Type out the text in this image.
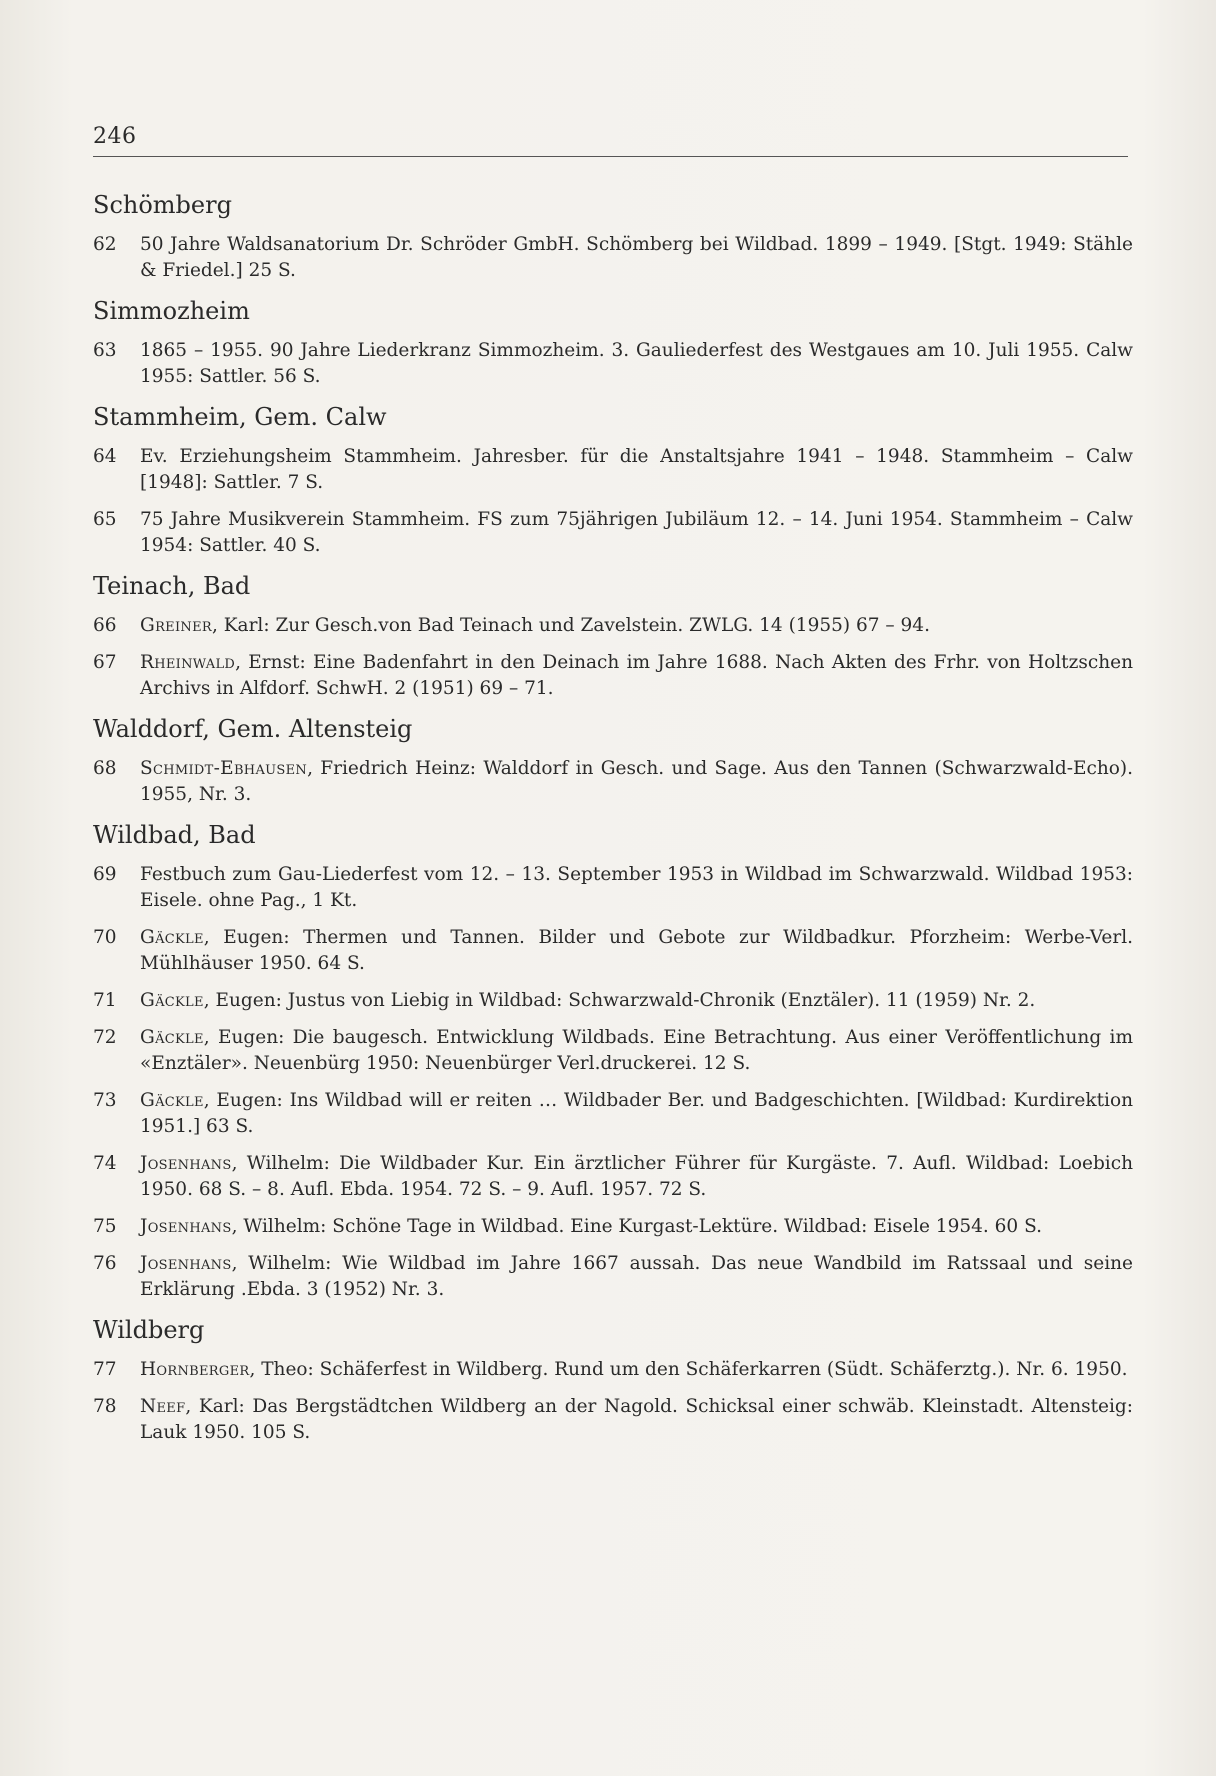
246
Schömberg
62	50 Jahre Waldsanatorium Dr. Schröder GmbH. Schömberg bei Wildbad. 1899 – 1949. [Stgt. 1949: Stähle & Friedel.] 25 S.
Simmozheim
63	1865 – 1955. 90 Jahre Liederkranz Simmozheim. 3. Gauliederfest des Westgaues am 10. Juli 1955. Calw 1955: Sattler. 56 S.
Stammheim, Gem. Calw
64	Ev. Erziehungsheim Stammheim. Jahresber. für die Anstaltsjahre 1941 – 1948. Stammheim – Calw [1948]: Sattler. 7 S.
65	75 Jahre Musikverein Stammheim. FS zum 75jährigen Jubiläum 12. – 14. Juni 1954. Stammheim – Calw 1954: Sattler. 40 S.
Teinach, Bad
66	Greiner, Karl: Zur Gesch.von Bad Teinach und Zavelstein. ZWLG. 14 (1955) 67 – 94.
67	Rheinwald, Ernst: Eine Badenfahrt in den Deinach im Jahre 1688. Nach Akten des Frhr. von Holtzschen Archivs in Alfdorf. SchwH. 2 (1951) 69 – 71.
Walddorf, Gem. Altensteig
68	Schmidt-Ebhausen, Friedrich Heinz: Walddorf in Gesch. und Sage. Aus den Tannen (Schwarzwald-Echo). 1955, Nr. 3.
Wildbad, Bad
69	Festbuch zum Gau-Liederfest vom 12. – 13. September 1953 in Wildbad im Schwarzwald. Wildbad 1953: Eisele. ohne Pag., 1 Kt.
70	Gäckle, Eugen: Thermen und Tannen. Bilder und Gebote zur Wildbadkur. Pforzheim: Werbe-Verl. Mühlhäuser 1950. 64 S.
71	Gäckle, Eugen: Justus von Liebig in Wildbad: Schwarzwald-Chronik (Enztäler). 11 (1959) Nr. 2.
72	Gäckle, Eugen: Die baugesch. Entwicklung Wildbads. Eine Betrachtung. Aus einer Veröffentlichung im «Enztäler». Neuenbürg 1950: Neuenbürger Verl.druckerei. 12 S.
73	Gäckle, Eugen: Ins Wildbad will er reiten … Wildbader Ber. und Badgeschichten. [Wildbad: Kurdirektion 1951.] 63 S.
74	Josenhans, Wilhelm: Die Wildbader Kur. Ein ärztlicher Führer für Kurgäste. 7. Aufl. Wildbad: Loebich 1950. 68 S. – 8. Aufl. Ebda. 1954. 72 S. – 9. Aufl. 1957. 72 S.
75	Josenhans, Wilhelm: Schöne Tage in Wildbad. Eine Kurgast-Lektüre. Wildbad: Eisele 1954. 60 S.
76	Josenhans, Wilhelm: Wie Wildbad im Jahre 1667 aussah. Das neue Wandbild im Ratssaal und seine Erklärung .Ebda. 3 (1952) Nr. 3.
Wildberg
77	Hornberger, Theo: Schäferfest in Wildberg. Rund um den Schäferkarren (Südt. Schäferztg.). Nr. 6. 1950.
78	Neef, Karl: Das Bergstädtchen Wildberg an der Nagold. Schicksal einer schwäb. Kleinstadt. Altensteig: Lauk 1950. 105 S.
